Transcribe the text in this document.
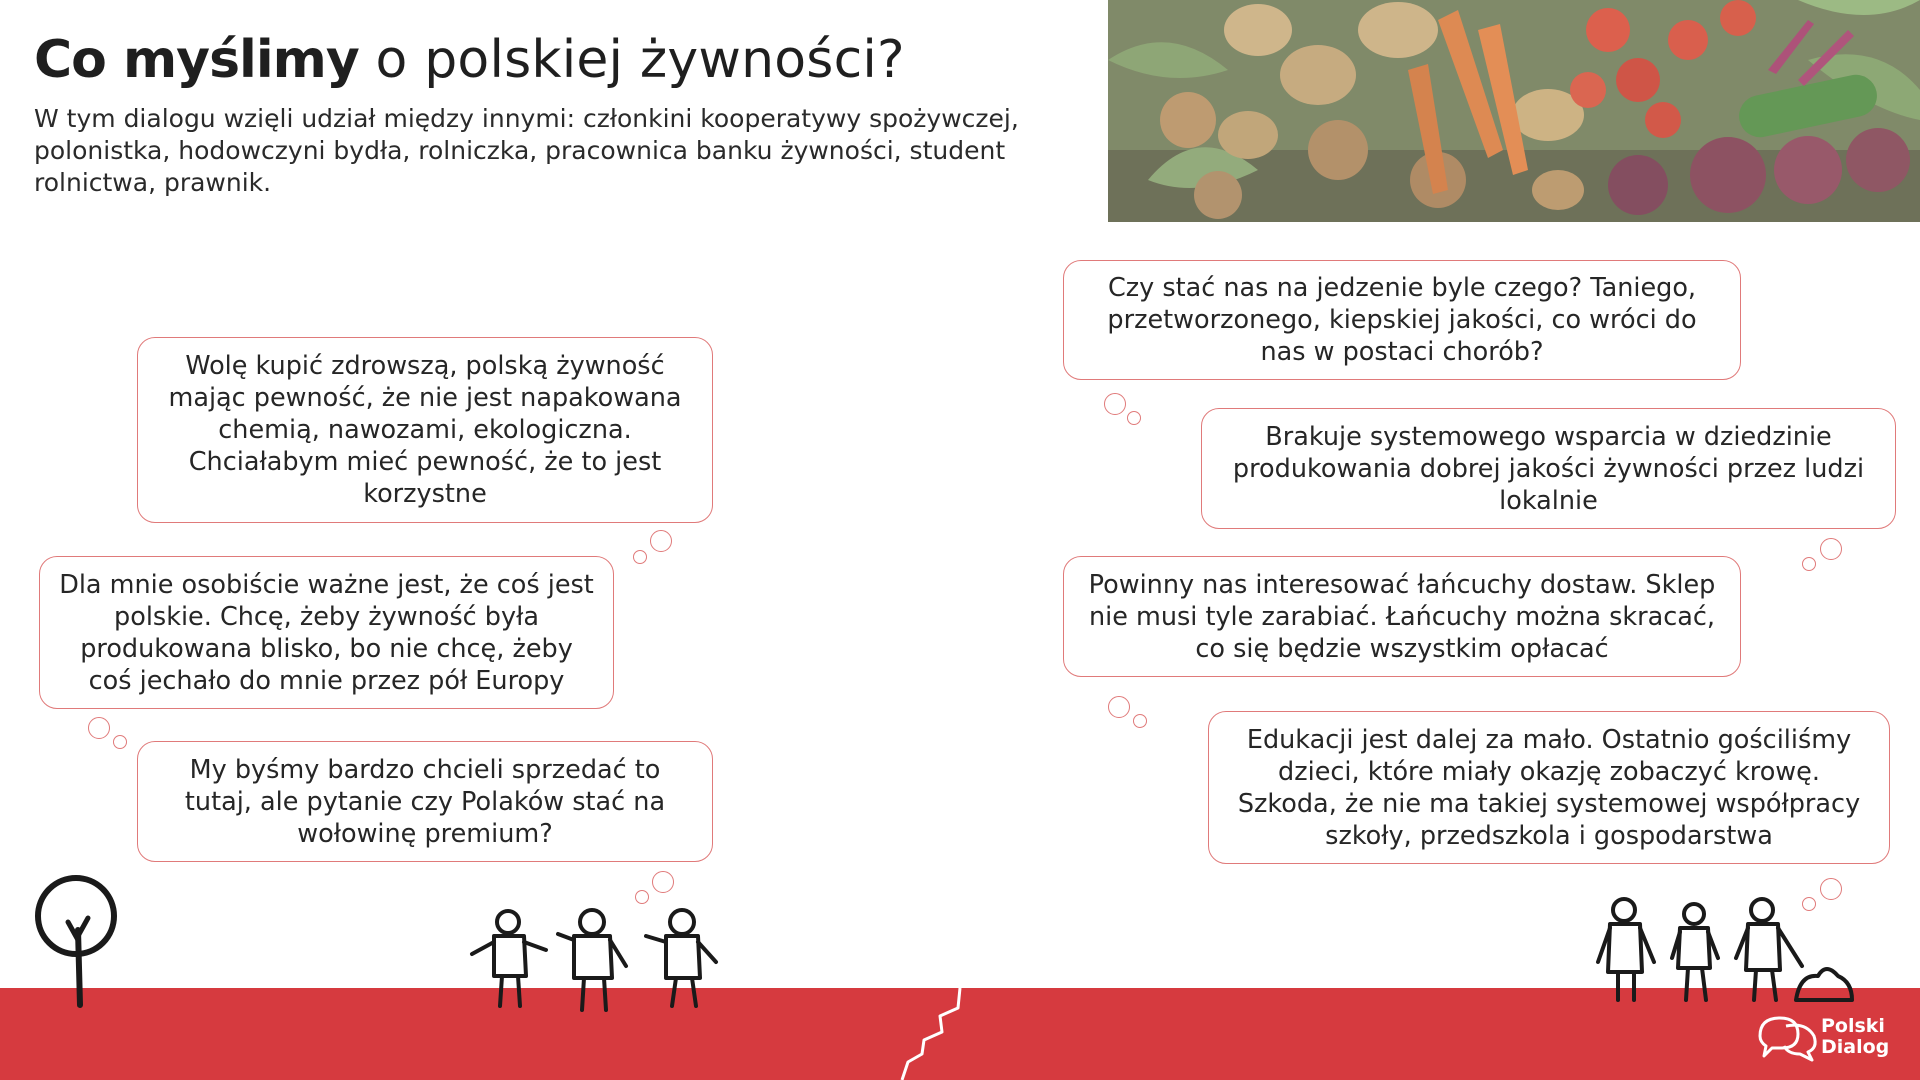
Co myślimy o polskiej żywności?

W tym dialogu wzięli udział między innymi: członkini kooperatywy spożywczej, polonistka, hodowczyni bydła, rolniczka, pracownica banku żywności, student rolnictwa, prawnik.

Wolę kupić zdrowszą, polską żywność mając pewność, że nie jest napakowana chemią, nawozami, ekologiczna. Chciałabym mieć pewność, że to jest korzystne
Dla mnie osobiście ważne jest, że coś jest polskie. Chcę, żeby żywność była produkowana blisko, bo nie chcę, żeby coś jechało do mnie przez pół Europy
My byśmy bardzo chcieli sprzedać to tutaj, ale pytanie czy Polaków stać na wołowinę premium?
Czy stać nas na jedzenie byle czego? Taniego, przetworzonego, kiepskiej jakości, co wróci do nas w postaci chorób?
Brakuje systemowego wsparcia w dziedzinie produkowania dobrej jakości żywności przez ludzi lokalnie
Powinny nas interesować łańcuchy dostaw. Sklep nie musi tyle zarabiać. Łańcuchy można skracać, co się będzie wszystkim opłacać
Edukacji jest dalej za mało. Ostatnio gościliśmy dzieci, które miały okazję zobaczyć krowę. Szkoda, że nie ma takiej systemowej współpracy szkoły, przedszkola i gospodarstwa
Polski
Dialog
